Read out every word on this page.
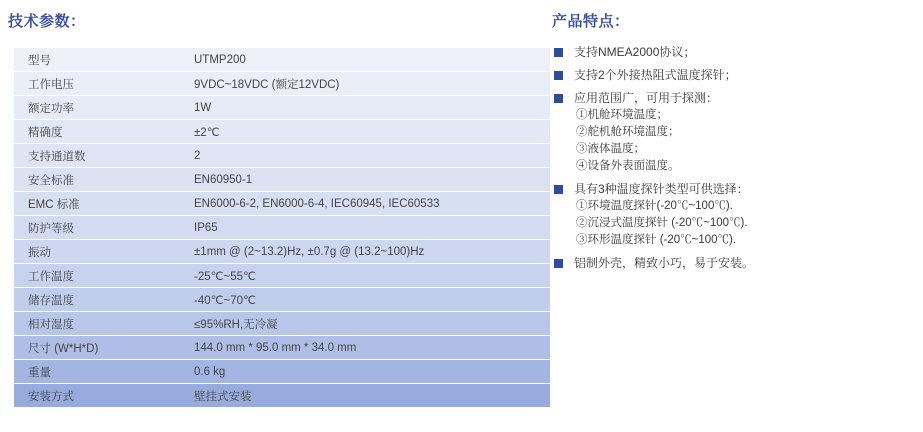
技术参数：
型号	UTMP200
工作电压	9VDC~18VDC (额定12VDC)
额定功率	1W
精确度	±2℃
支持通道数	2
安全标准	EN60950-1
EMC 标准	EN6000-6-2, EN6000-6-4, IEC60945, IEC60533
防护等级	IP65
振动	±1mm @ (2~13.2)Hz, ±0.7g @ (13.2~100)Hz
工作温度	-25℃~55℃
储存温度	-40℃~70℃
相对湿度	≤95%RH,无冷凝
尺寸 (W*H*D)	144.0 mm * 95.0 mm * 34.0 mm
重量	0.6 kg
安装方式	壁挂式安装
产品特点：
支持NMEA2000协议；
支持2个外接热阻式温度探针；
应用范围广，可用于探测：
①机舱环境温度；
②舵机舱环境温度；
③液体温度；
④设备外表面温度。
具有3种温度探针类型可供选择：
①环境温度探针(-20℃~100℃).
②沉浸式温度探针 (-20℃~100℃).
③环形温度探针 (-20℃~100℃).
铝制外壳，精致小巧，易于安装。
